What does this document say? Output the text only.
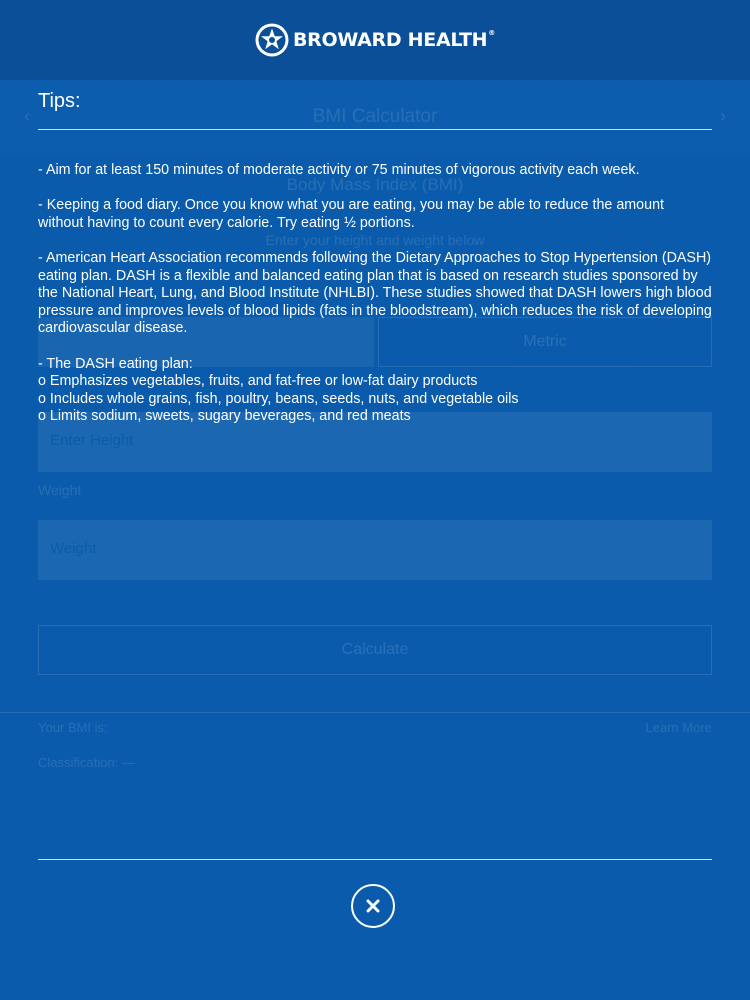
BROWARD HEALTH®
‹	BMI Calculator	›
Body Mass Index (BMI)
Enter your height and weight below
Metric
Enter Height
Weight
Weight
Calculate
Your BMI is:
Classification: —
Learn More
Tips:

- Aim for at least 150 minutes of moderate activity or 75 minutes of vigorous activity each week.

- Keeping a food diary. Once you know what you are eating, you may be able to reduce the amount without having to count every calorie. Try eating ½ portions.

- American Heart Association recommends following the Dietary Approaches to Stop Hypertension (DASH) eating plan. DASH is a flexible and balanced eating plan that is based on research studies sponsored by the National Heart, Lung, and Blood Institute (NHLBI). These studies showed that DASH lowers high blood pressure and improves levels of blood lipids (fats in the bloodstream), which reduces the risk of developing cardiovascular disease.

- The DASH eating plan:
o Emphasizes vegetables, fruits, and fat-free or low-fat dairy products
o Includes whole grains, fish, poultry, beans, seeds, nuts, and vegetable oils
o Limits sodium, sweets, sugary beverages, and red meats
